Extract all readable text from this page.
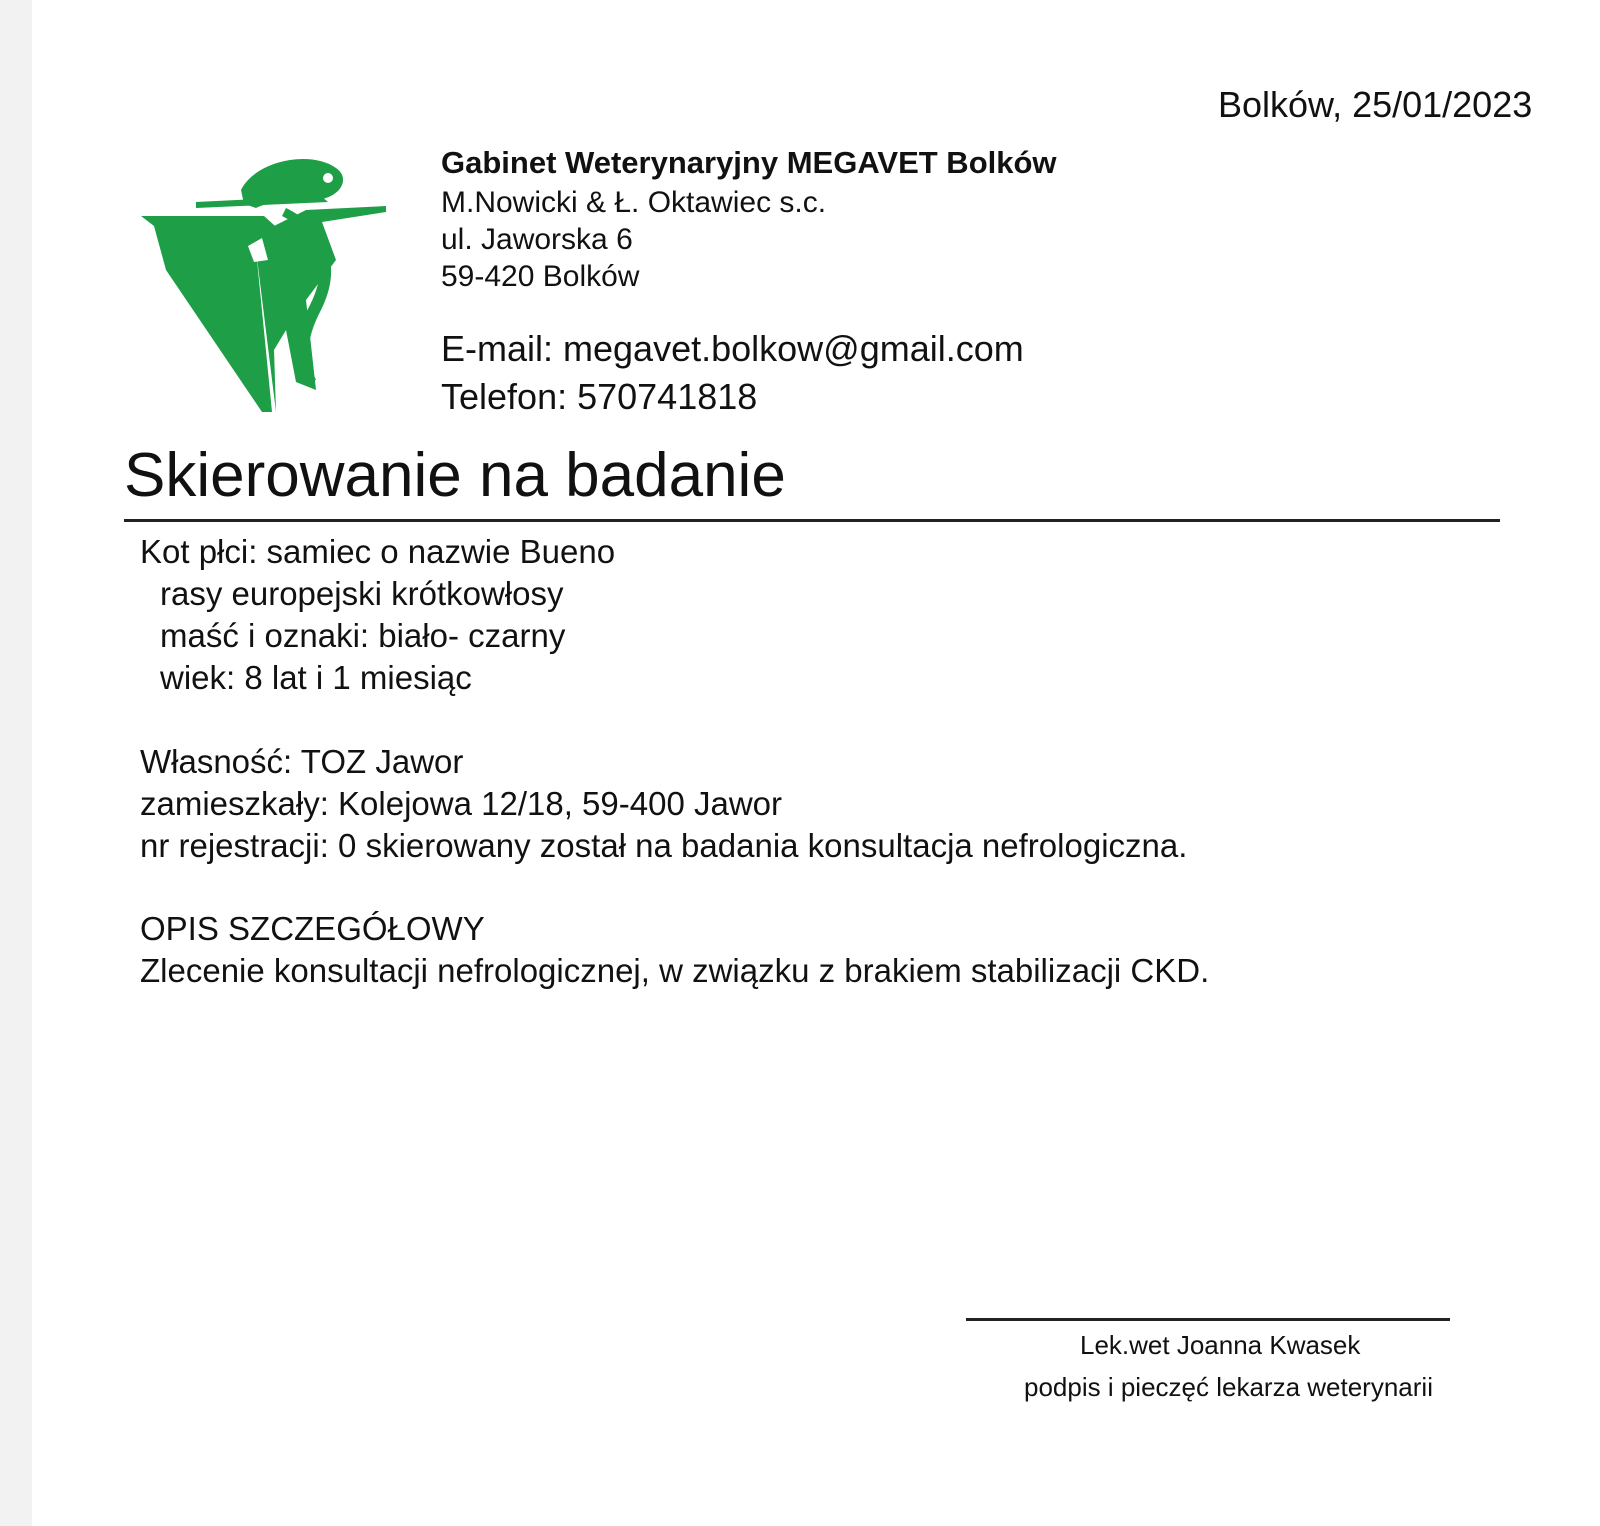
Bolków, 25/01/2023
Gabinet Weterynaryjny MEGAVET Bolków
M.Nowicki & Ł. Oktawiec s.c.
ul. Jaworska 6
59-420 Bolków
E-mail: megavet.bolkow@gmail.com
Telefon: 570741818
Skierowanie na badanie
Kot płci: samiec o nazwie Bueno
rasy europejski krótkowłosy
maść i oznaki: biało- czarny
wiek: 8 lat i 1 miesiąc
Własność: TOZ Jawor
zamieszkały: Kolejowa 12/18, 59-400 Jawor
nr rejestracji: 0 skierowany został na badania konsultacja nefrologiczna.
OPIS SZCZEGÓŁOWY
Zlecenie konsultacji nefrologicznej, w związku z brakiem stabilizacji CKD.
Lek.wet Joanna Kwasek
podpis i pieczęć lekarza weterynarii
